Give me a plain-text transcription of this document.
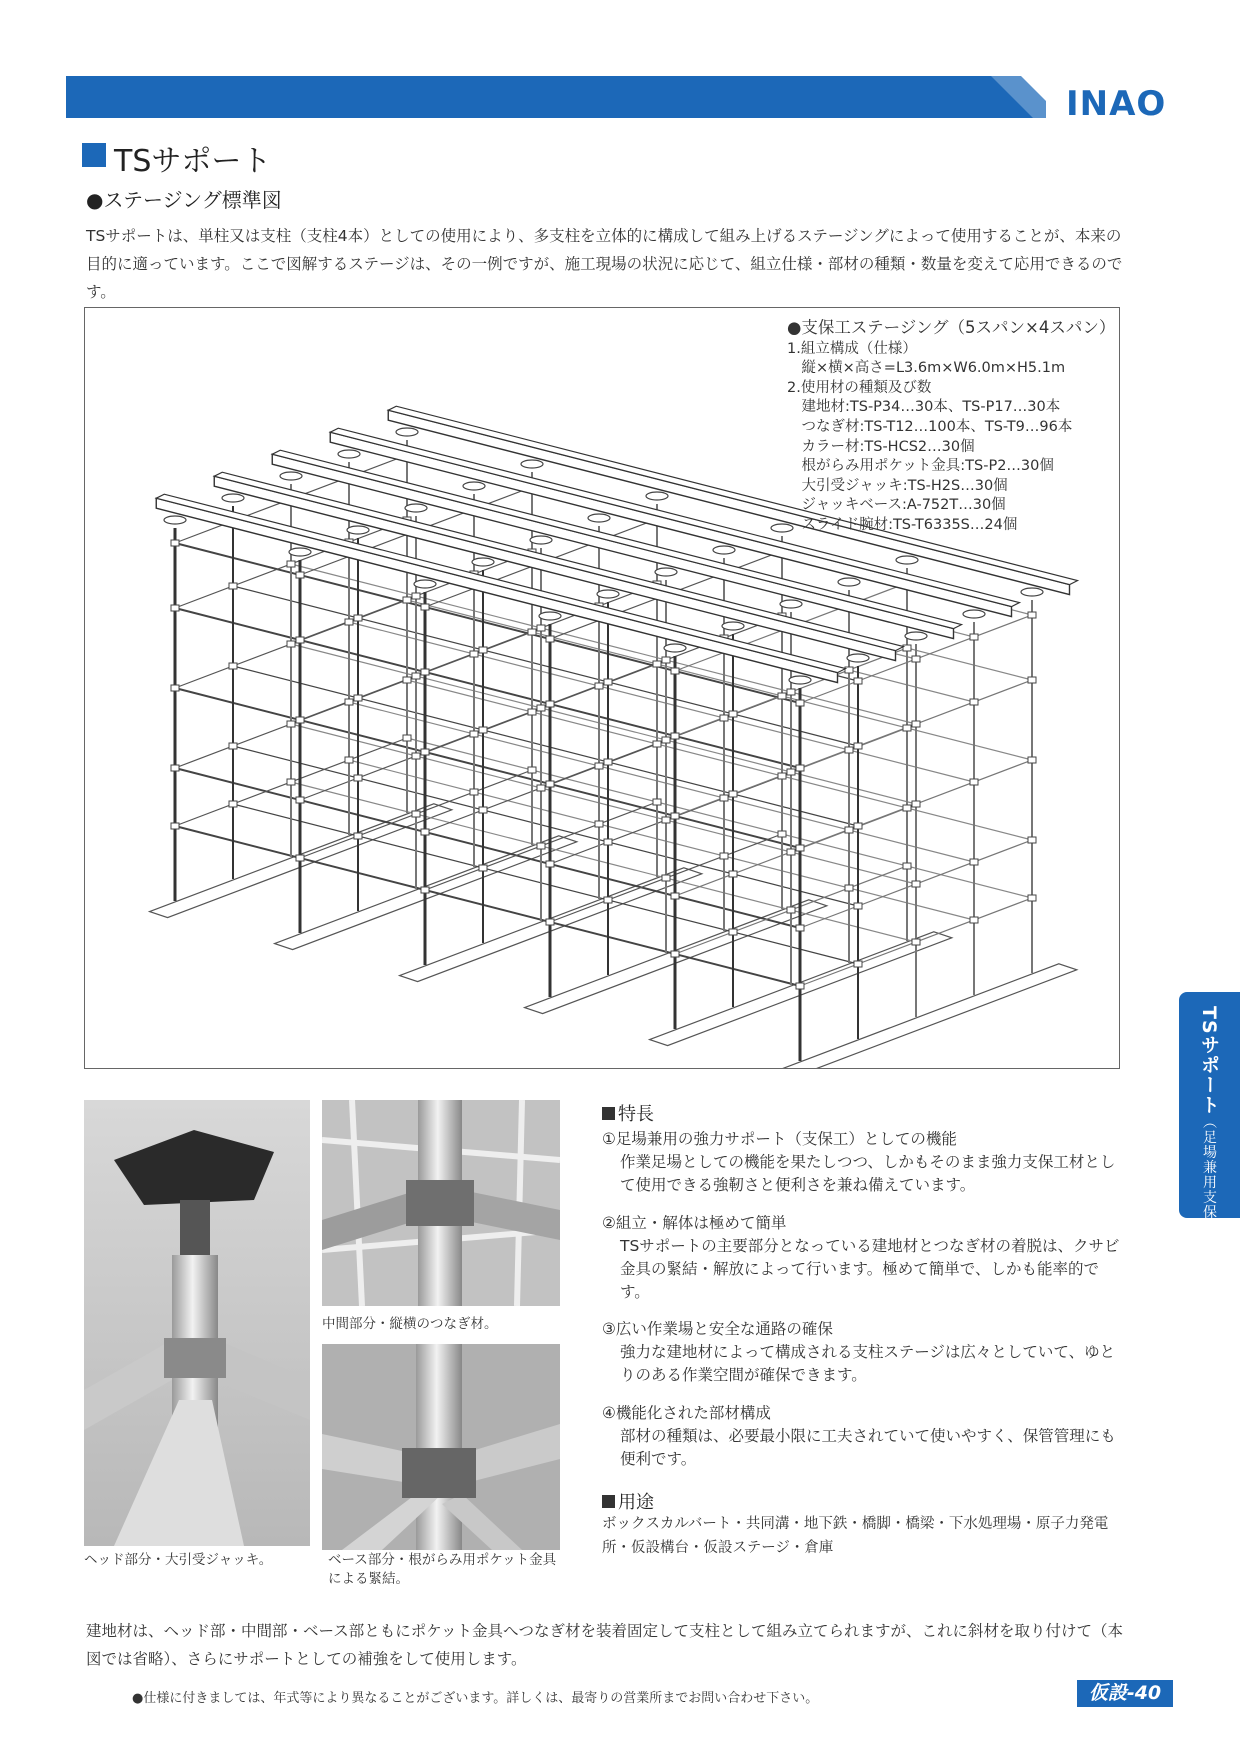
INAO
TSサポート
●ステージング標準図
TSサポートは、単柱又は支柱（支柱4本）としての使用により、多支柱を立体的に構成して組み上げるステージングによって使用することが、本来の目的に適っています。ここで図解するステージは、その一例ですが、施工現場の状況に応じて、組立仕様・部材の種類・数量を変えて応用できるのです。
●支保工ステージング（5スパン×4スパン）
1.組立構成（仕様）
　縦×横×高さ=L3.6m×W6.0m×H5.1m
2.使用材の種類及び数
　建地材:TS-P34…30本、TS-P17…30本
　つなぎ材:TS-T12…100本、TS-T9…96本
　カラー材:TS-HCS2…30個
　根がらみ用ポケット金具:TS-P2…30個
　大引受ジャッキ:TS-H2S…30個
　ジャッキベース:A-752T…30個
　スライド腕材:TS-T6335S…24個
中間部分・縦横のつなぎ材。
ヘッド部分・大引受ジャッキ。	ベース部分・根がらみ用ポケット金具
による緊結。
特長
①足場兼用の強力サポート（支保工）としての機能
作業足場としての機能を果たしつつ、しかもそのまま強力支保工材として使用できる強靭さと便利さを兼ね備えています。
②組立・解体は極めて簡単
TSサポートの主要部分となっている建地材とつなぎ材の着脱は、クサビ金具の緊結・解放によって行います。極めて簡単で、しかも能率的です。
③広い作業場と安全な通路の確保
強力な建地材によって構成される支柱ステージは広々としていて、ゆとりのある作業空間が確保できます。
④機能化された部材構成
部材の種類は、必要最小限に工夫されていて使いやすく、保管管理にも便利です。
用途
ボックスカルバート・共同溝・地下鉄・橋脚・橋梁・下水処理場・原子力発電所・仮設構台・仮設ステージ・倉庫
建地材は、ヘッド部・中間部・ベース部ともにポケット金具へつなぎ材を装着固定して支柱として組み立てられますが、これに斜材を取り付けて（本図では省略）、さらにサポートとしての補強をして使用します。
●仕様に付きましては、年式等により異なることがございます。詳しくは、最寄りの営業所までお問い合わせ下さい。	仮設-40
TSサポート（足場兼用支保工）
